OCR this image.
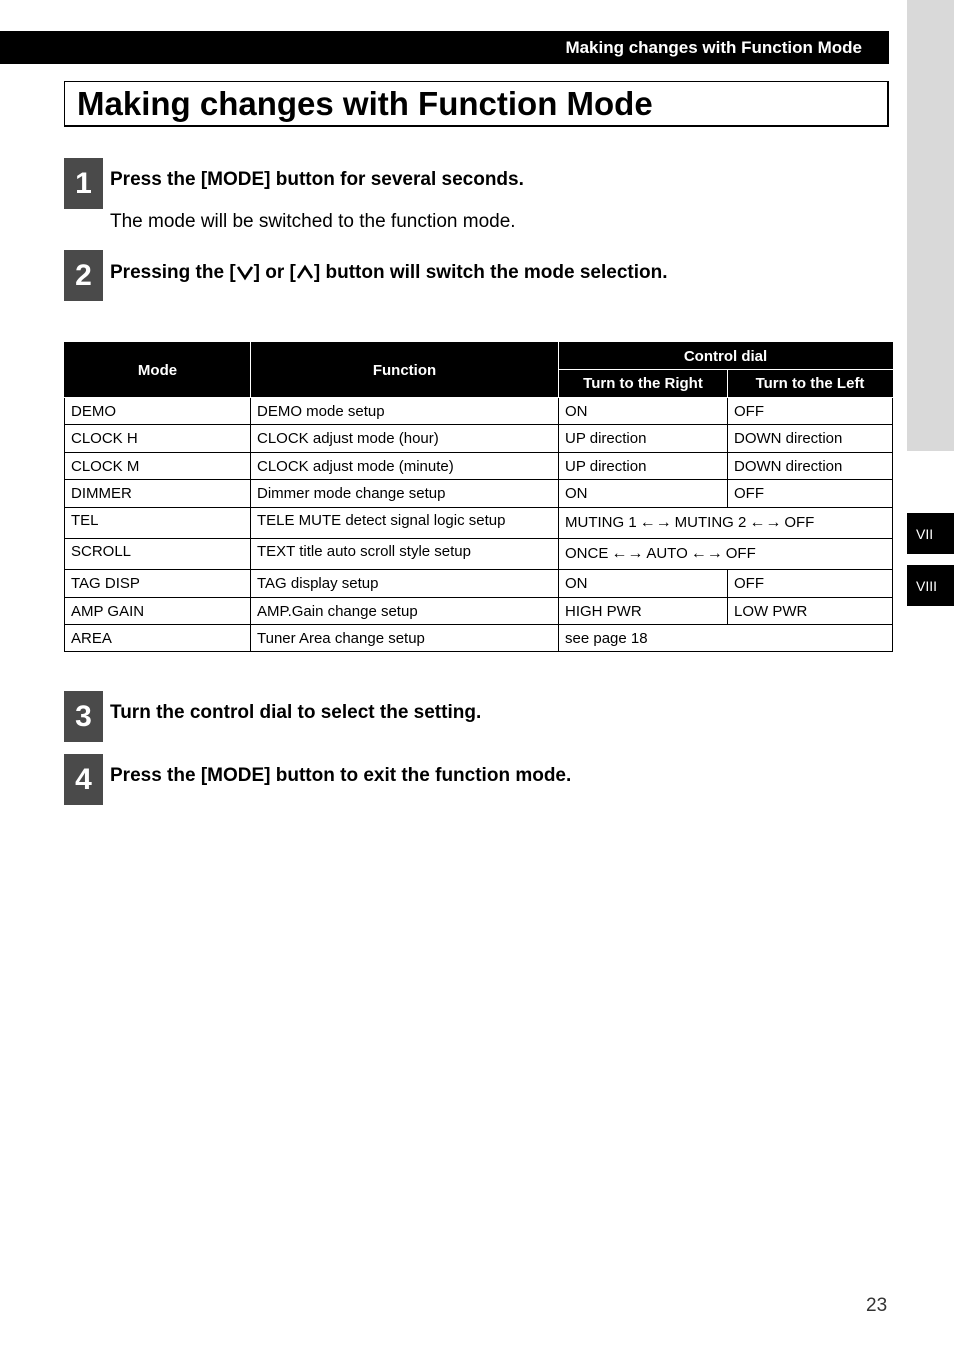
VII
VIII
Making changes with Function Mode
Making changes with Function Mode
1 Press the [MODE] button for several seconds.
The mode will be switched to the function mode.
2 Pressing the [ ] or [ ] button will switch the mode selection.
Mode	Function	Control dial	
		Turn to the Right	Turn to the Left
DEMO	DEMO mode setup	ON	OFF
CLOCK H	CLOCK adjust mode (hour)	UP direction	DOWN direction
CLOCK M	CLOCK adjust mode (minute)	UP direction	DOWN direction
DIMMER	Dimmer mode change setup	ON	OFF
TEL	TELE MUTE detect signal logic setup	MUTING 1 ←→ MUTING 2 ←→ OFF	
SCROLL	TEXT title auto scroll style setup	ONCE ←→ AUTO ←→ OFF	
TAG DISP	TAG display setup	ON	OFF
AMP GAIN	AMP.Gain change setup	HIGH PWR	LOW PWR
AREA	Tuner Area change setup	see page 18	
3 Turn the control dial to select the setting.
4 Press the [MODE] button to exit the function mode.
23
